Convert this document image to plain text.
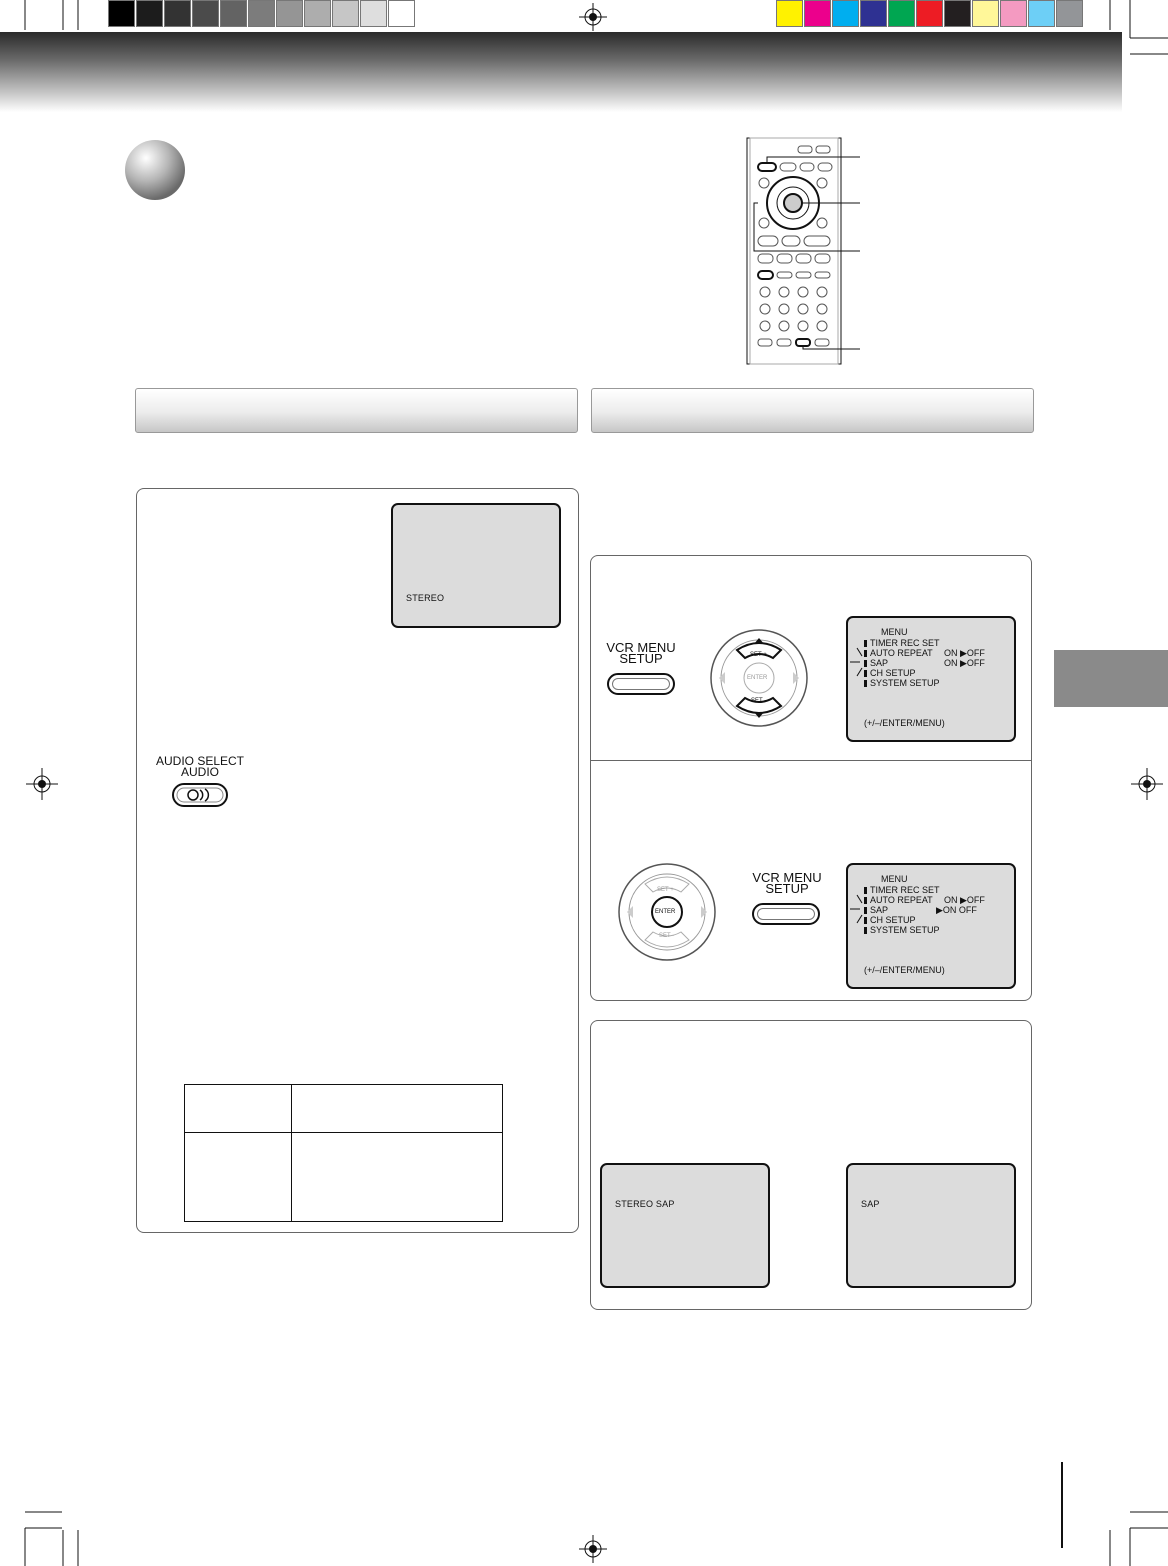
STEREO
AUDIO SELECT
AUDIO

VCR MENU
SETUP	SET +
ENTER
SET -
MENU
TIMER REC SET
AUTO REPEAT ON ▶OFF
SAP	ON ▶OFF
CH SETUP
SYSTEM SETUP
(+/–/ENTER/MENU)
SET +
ENTER
SET -
VCR MENU
SETUP
MENU
TIMER REC SET
AUTO REPEAT ON ▶OFF
SAP	▶ON OFF
CH SETUP
SYSTEM SETUP
(+/–/ENTER/MENU)
STEREO SAP	SAP
